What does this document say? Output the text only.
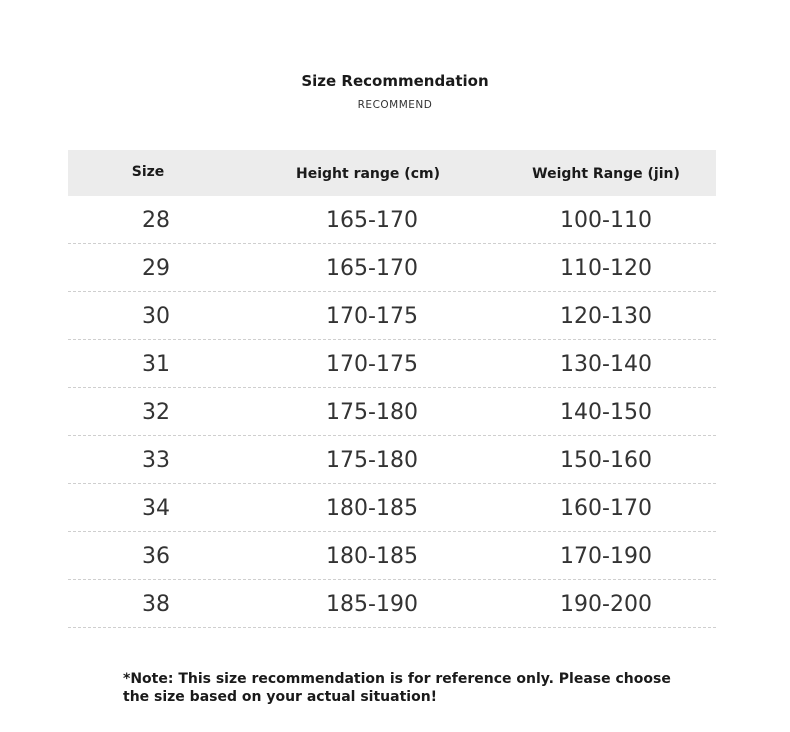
Size Recommendation
RECOMMEND
Size	Height range (cm)	Weight Range (jin)
28	165-170	100-110
29	165-170	110-120
30	170-175	120-130
31	170-175	130-140
32	175-180	140-150
33	175-180	150-160
34	180-185	160-170
36	180-185	170-190
38	185-190	190-200
*Note: This size recommendation is for reference only. Please choose the size based on your actual situation!
